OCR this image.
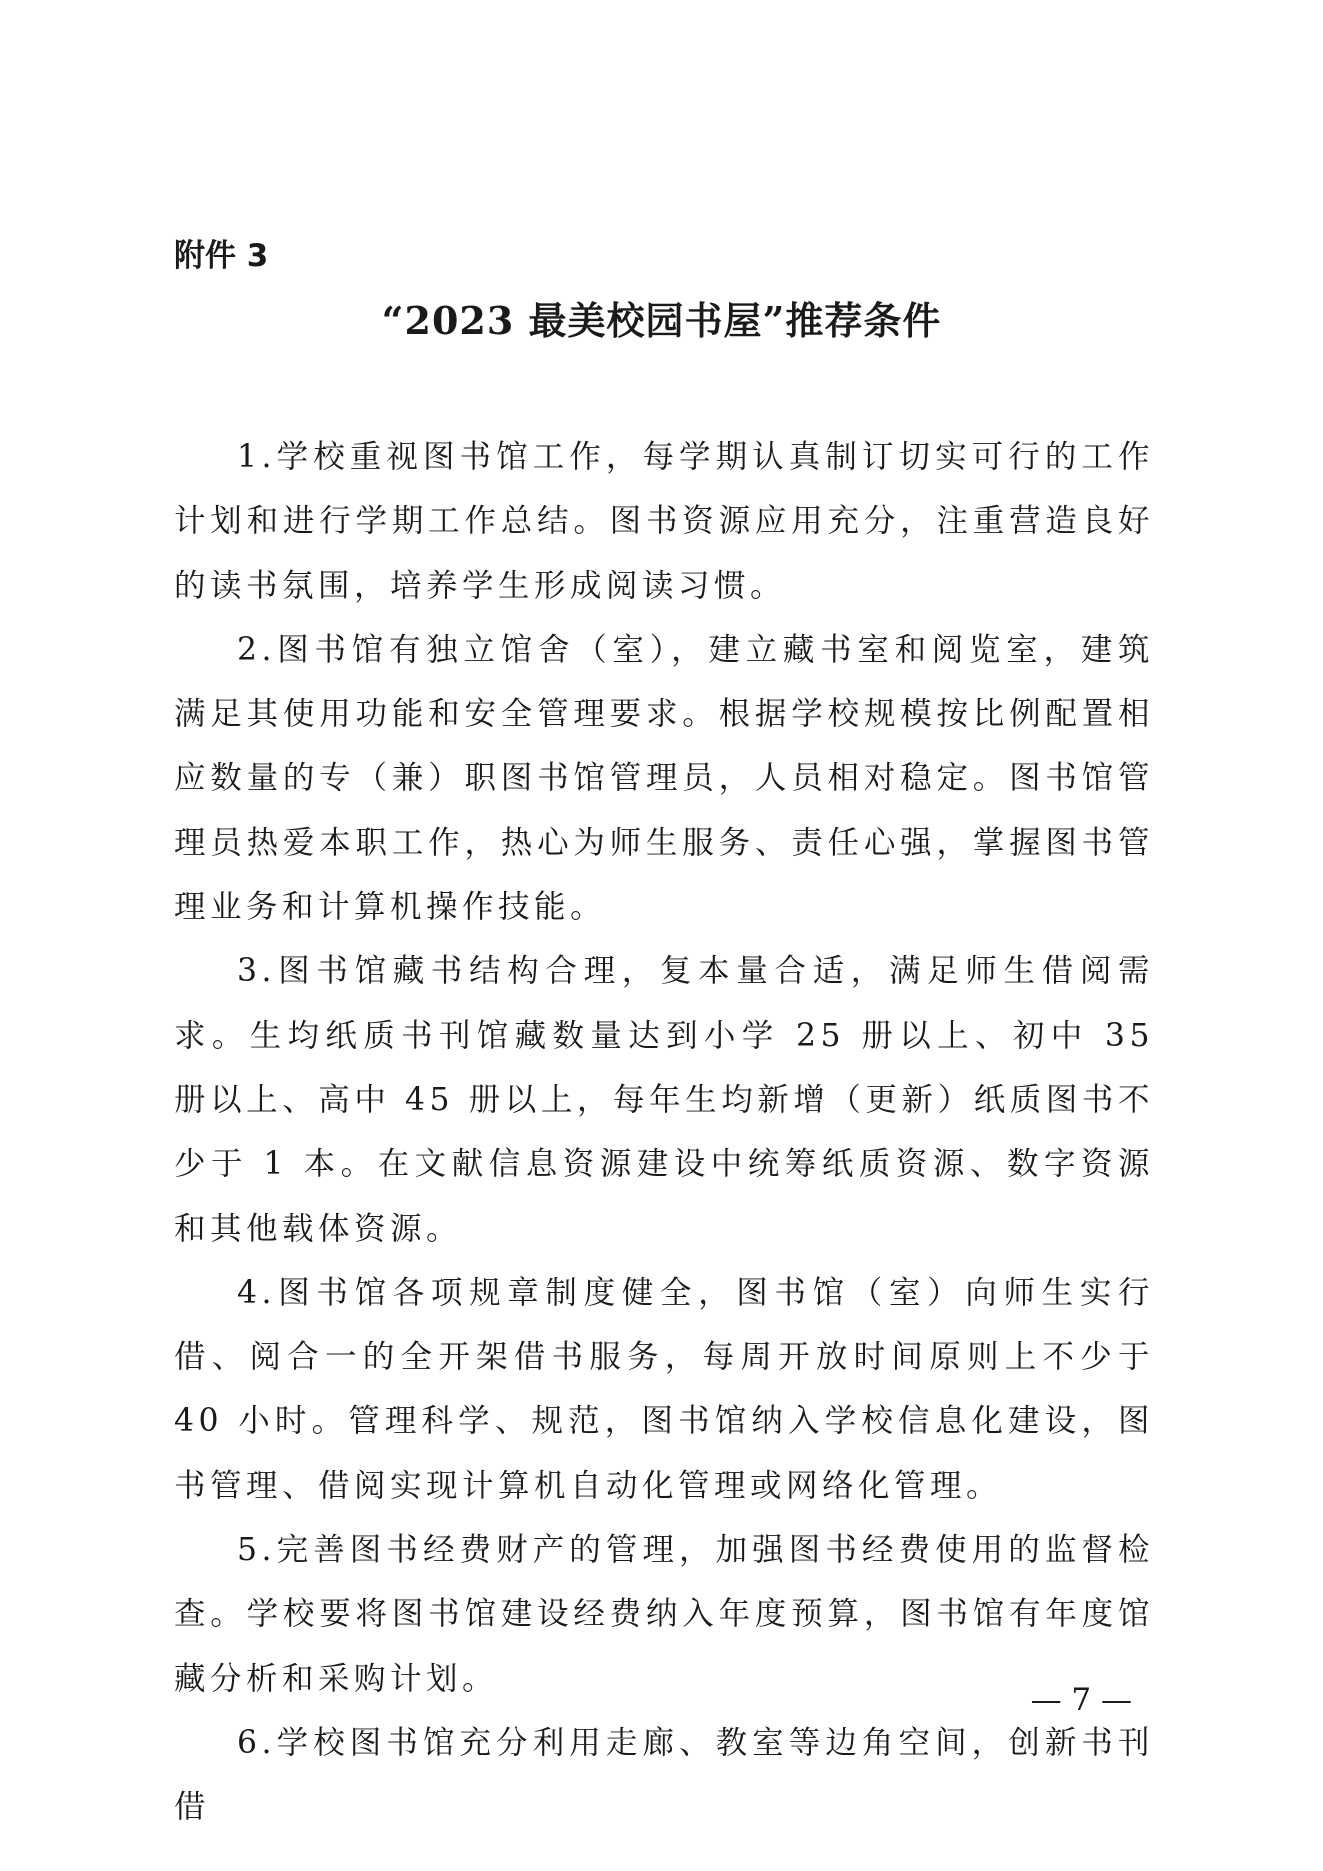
附件 3
“2023 最美校园书屋”推荐条件

1.学校重视图书馆工作，每学期认真制订切实可行的工作计划和进行学期工作总结。图书资源应用充分，注重营造良好的读书氛围，培养学生形成阅读习惯。

2.图书馆有独立馆舍（室），建立藏书室和阅览室，建筑满足其使用功能和安全管理要求。根据学校规模按比例配置相应数量的专（兼）职图书馆管理员，人员相对稳定。图书馆管理员热爱本职工作，热心为师生服务、责任心强，掌握图书管理业务和计算机操作技能。

3.图书馆藏书结构合理，复本量合适，满足师生借阅需求。生均纸质书刊馆藏数量达到小学 25 册以上、初中 35 册以上、高中 45 册以上，每年生均新增（更新）纸质图书不少于 1 本。在文献信息资源建设中统筹纸质资源、数字资源和其他载体资源。

4.图书馆各项规章制度健全，图书馆（室）向师生实行借、阅合一的全开架借书服务，每周开放时间原则上不少于 40 小时。管理科学、规范，图书馆纳入学校信息化建设，图书管理、借阅实现计算机自动化管理或网络化管理。

5.完善图书经费财产的管理，加强图书经费使用的监督检查。学校要将图书馆建设经费纳入年度预算，图书馆有年度馆藏分析和采购计划。

6.学校图书馆充分利用走廊、教室等边角空间，创新书刊借

— 7 —
